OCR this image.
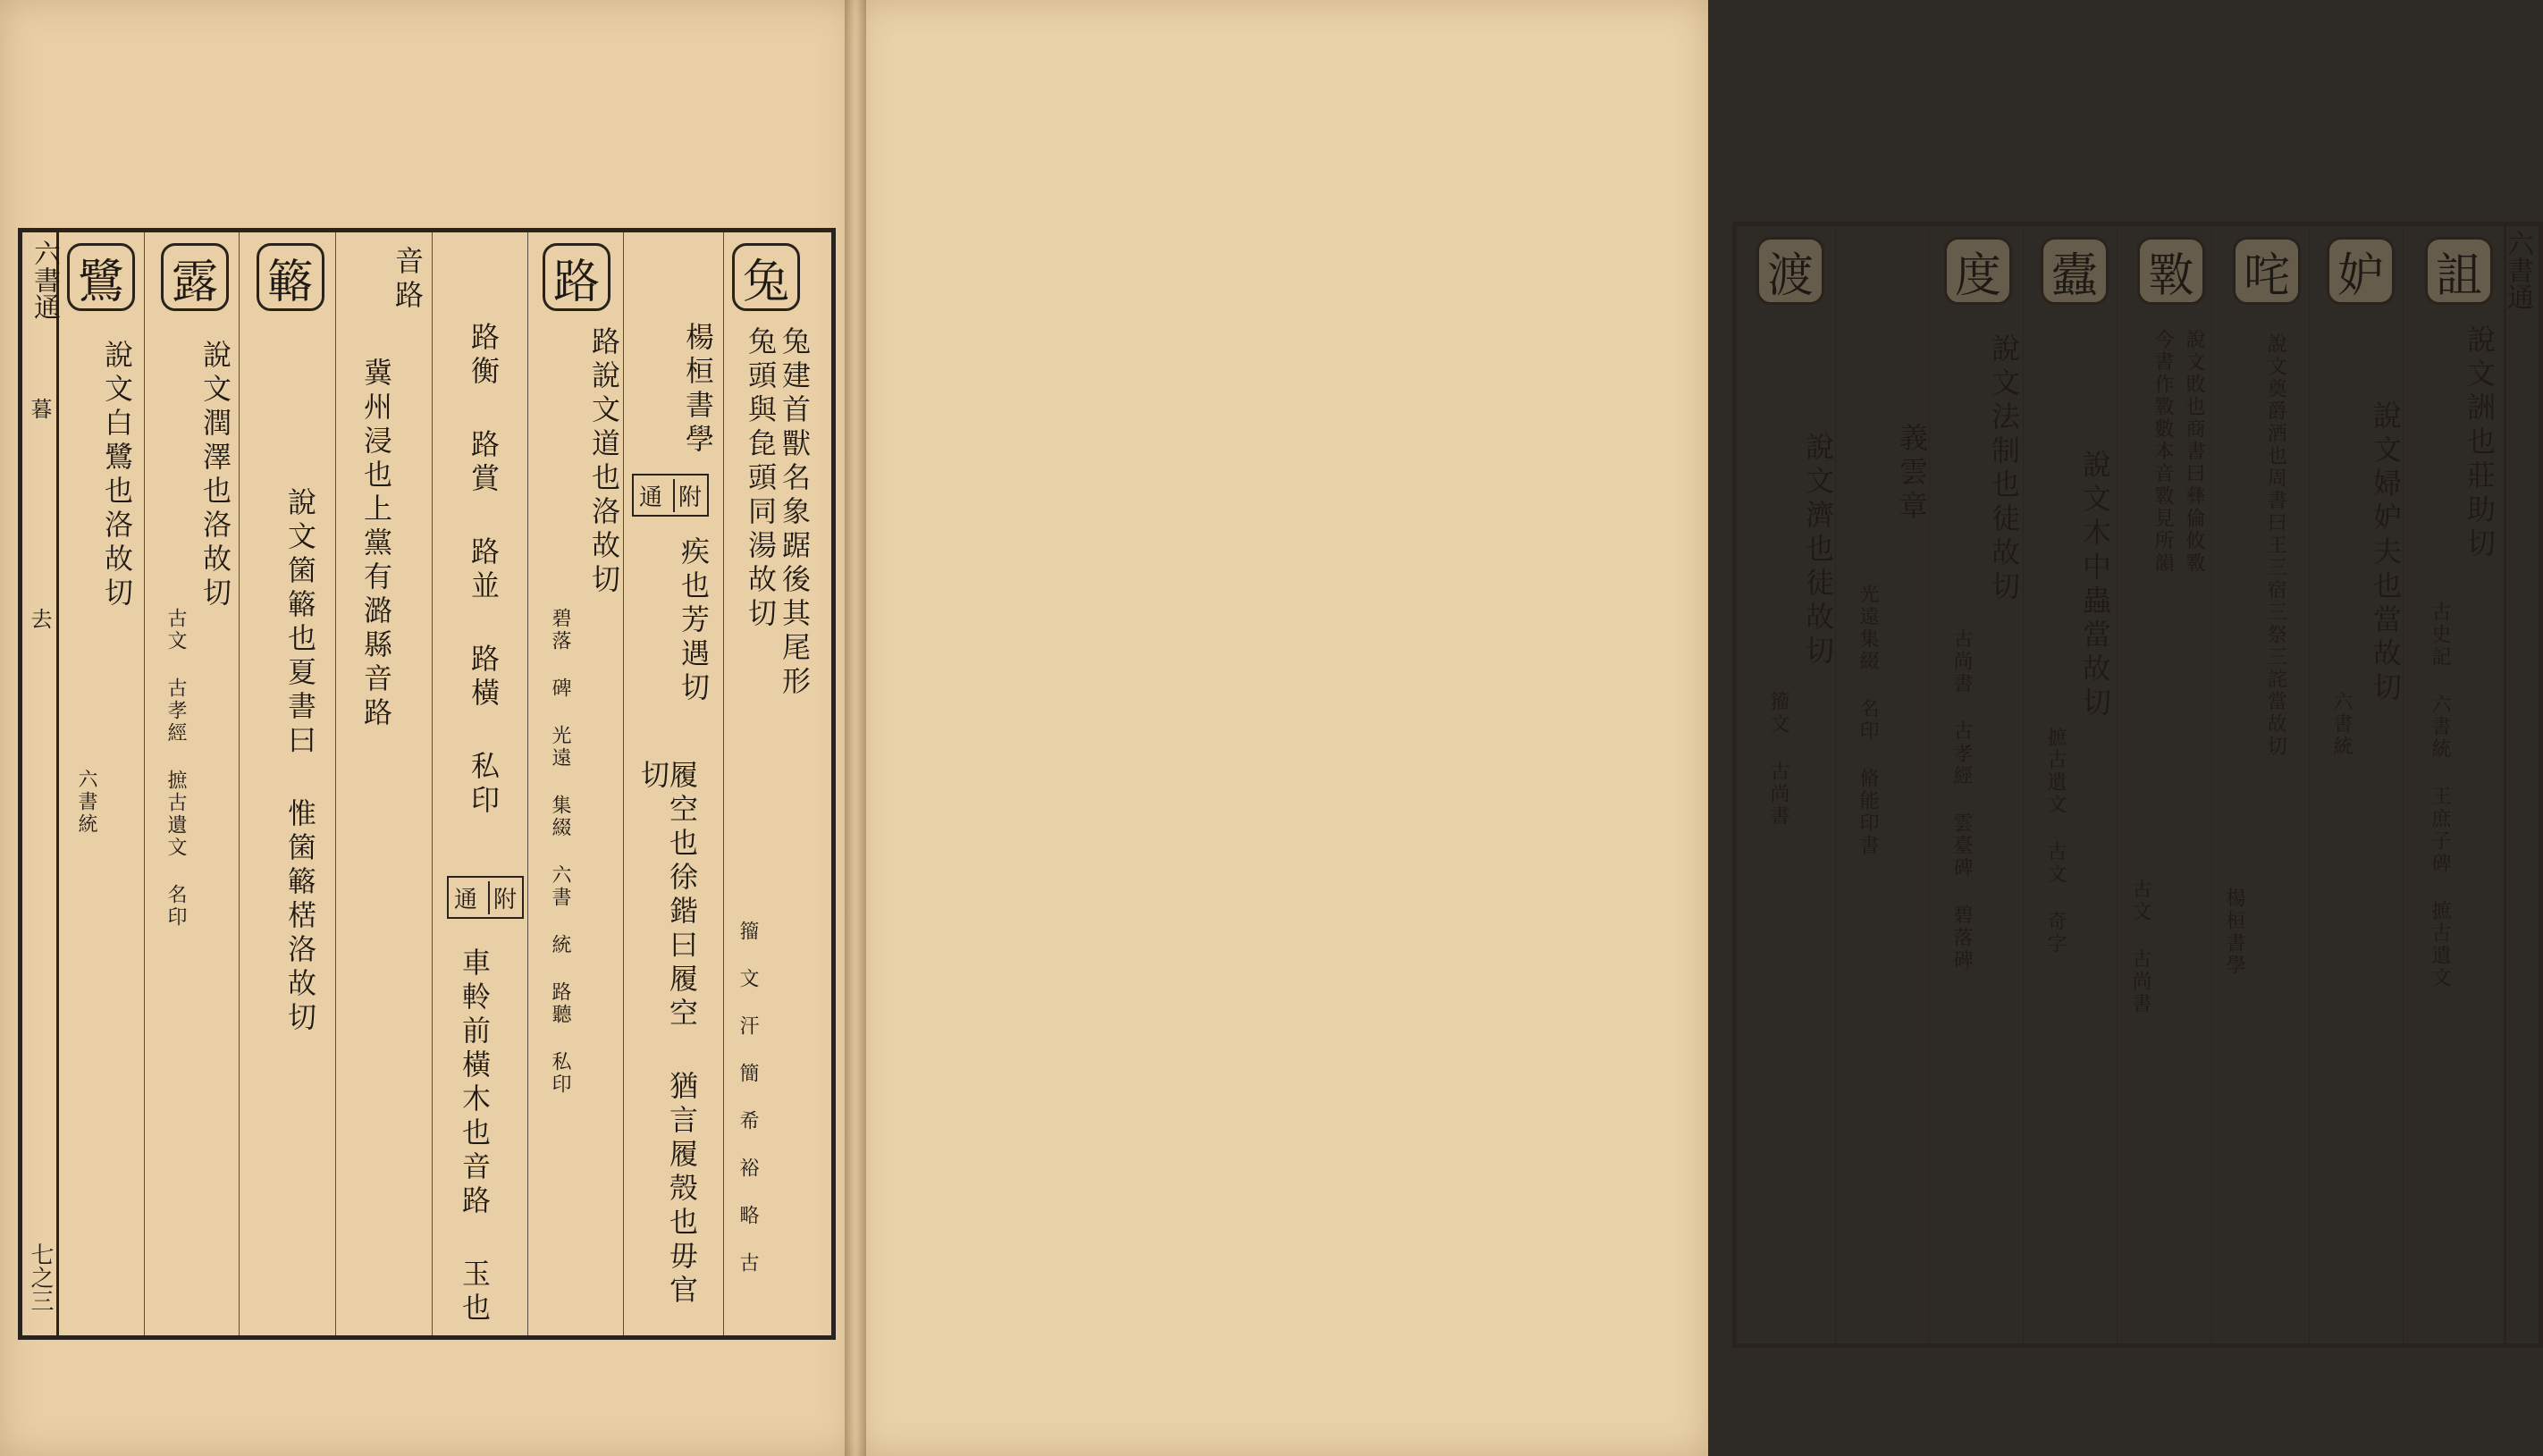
六書通
暮
去
七之三
兔
兔建首獸名象踞後其尾形
兔頭與㲋頭同湯故切
籀 文 汗 簡 希 裕 略 古
楊桓書學
通 附
疾也芳遇切
履空也徐鍇曰履空 猶言履殼也毋官切
路
路說文道也洛故切
碧落 碑 光遠 集綴 六書 統 路聽 私印
路衡 路賞 路並 路橫 私印
通 附
車軨前橫木也音路 玉也
音路
冀州浸也上黨有潞縣音路
簵
說文箘簵也夏書曰 惟箘簵楛洛故切
露
說文潤澤也洛故切
古文 古孝經 摭古遺文 名印
鷺
說文白鷺也洛故切
六書統
六書通
詛
說文詶也莊助切
古史記 六書統 王庶子碑 摭古遺文
妒
說文婦妒夫也當故切
六書統
咤
說文奠爵酒也周書曰王三宿三祭三詫當故切
楊桓書學
斁
說文敗也商書曰彝倫攸斁
今書作斁數本音斁見所韻
古文 古尚書
蠹
說文木中蟲當故切
摭古遺文 古文 奇字
度
說文法制也徒故切
古尚書 古孝經 雲臺碑 碧落碑
義雲章
光遠集綴 名印 脩能印書
渡
說文濟也徒故切
籀文 古尚書
